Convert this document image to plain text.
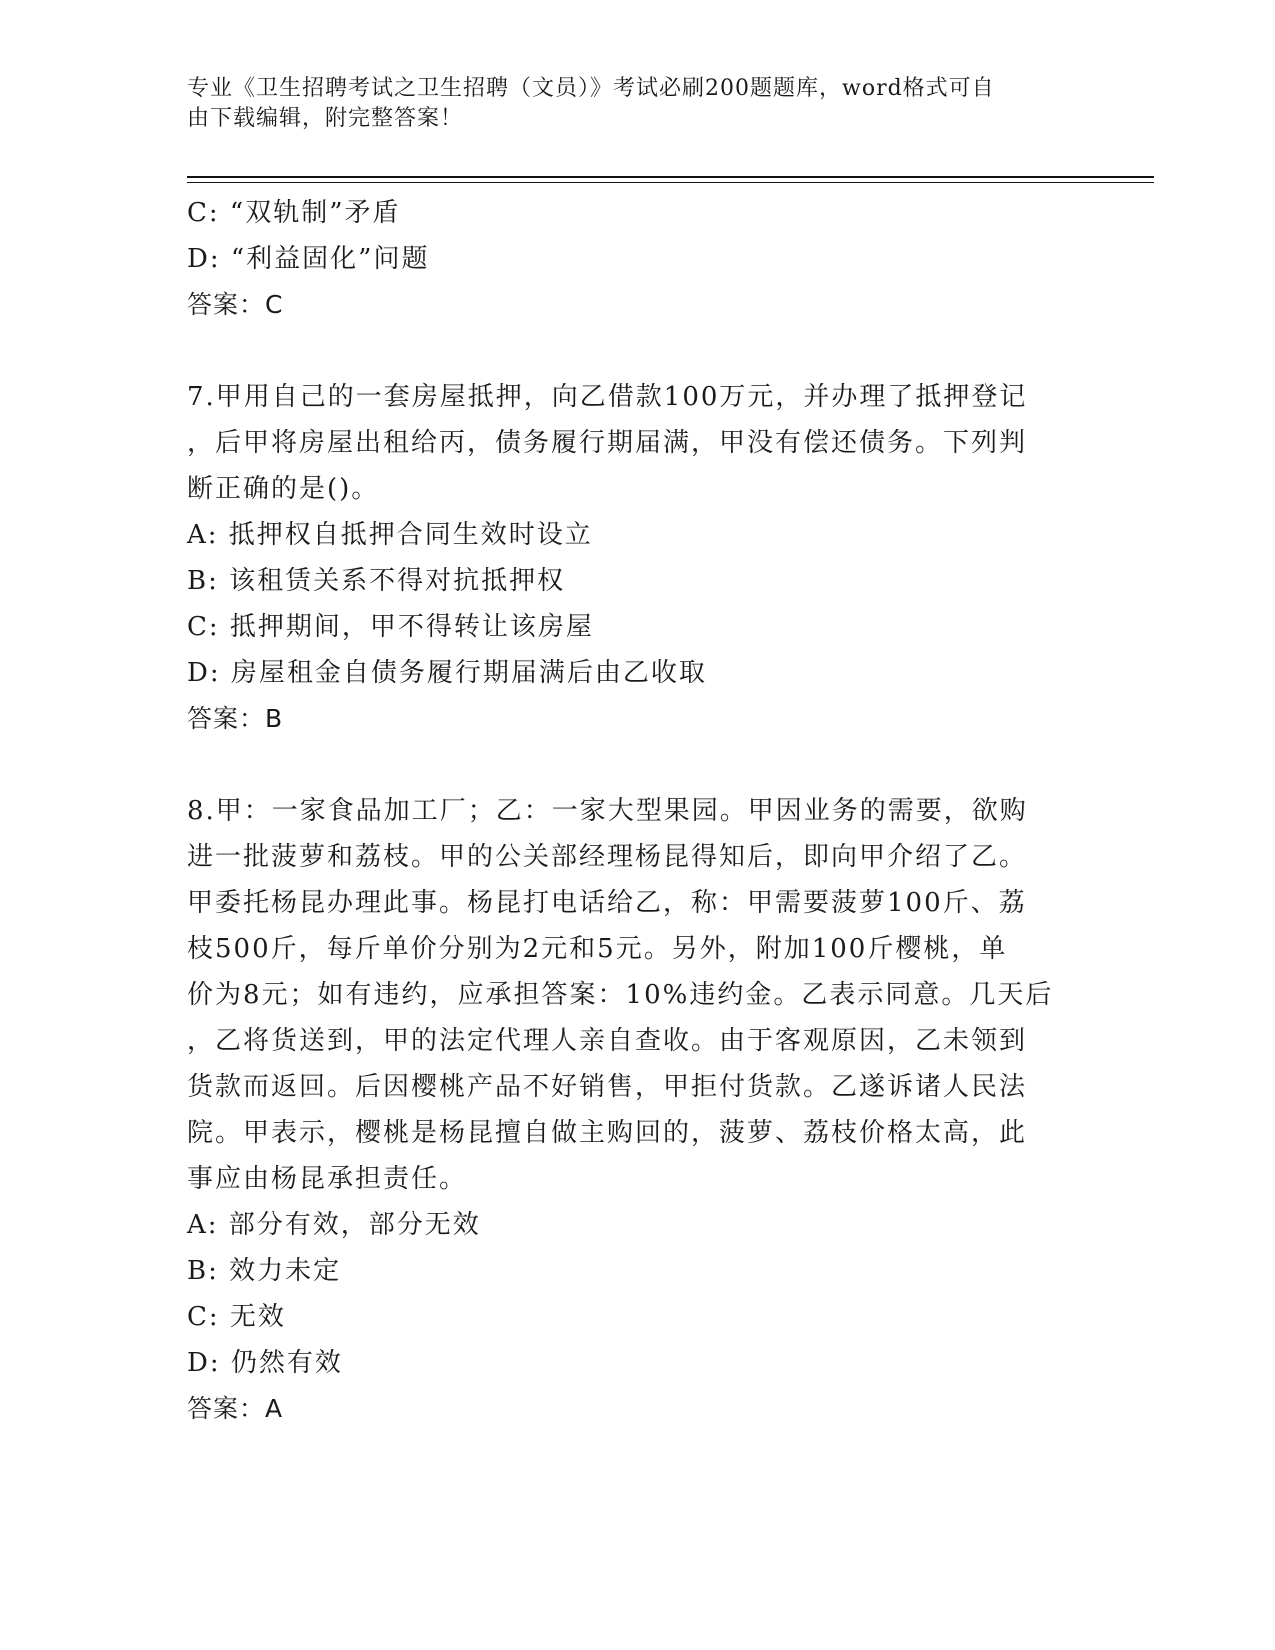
专业《卫生招聘考试之卫生招聘（文员）》考试必刷200题题库，word格式可自
由下载编辑，附完整答案！
C: “双轨制”矛盾
D: “利益固化”问题
答案：C
7.甲用自己的一套房屋抵押，向乙借款100万元，并办理了抵押登记
，后甲将房屋出租给丙，债务履行期届满，甲没有偿还债务。下列判
断正确的是()。
A: 抵押权自抵押合同生效时设立
B: 该租赁关系不得对抗抵押权
C: 抵押期间，甲不得转让该房屋
D: 房屋租金自债务履行期届满后由乙收取
答案：B
8.甲：一家食品加工厂；乙：一家大型果园。甲因业务的需要，欲购
进一批菠萝和荔枝。甲的公关部经理杨昆得知后，即向甲介绍了乙。
甲委托杨昆办理此事。杨昆打电话给乙，称：甲需要菠萝100斤、荔
枝500斤，每斤单价分别为2元和5元。另外，附加100斤樱桃，单
价为8元；如有违约，应承担答案：10%违约金。乙表示同意。几天后
，乙将货送到，甲的法定代理人亲自查收。由于客观原因，乙未领到
货款而返回。后因樱桃产品不好销售，甲拒付货款。乙遂诉诸人民法
院。甲表示，樱桃是杨昆擅自做主购回的，菠萝、荔枝价格太高，此
事应由杨昆承担责任。
A: 部分有效，部分无效
B: 效力未定
C: 无效
D: 仍然有效
答案：A
